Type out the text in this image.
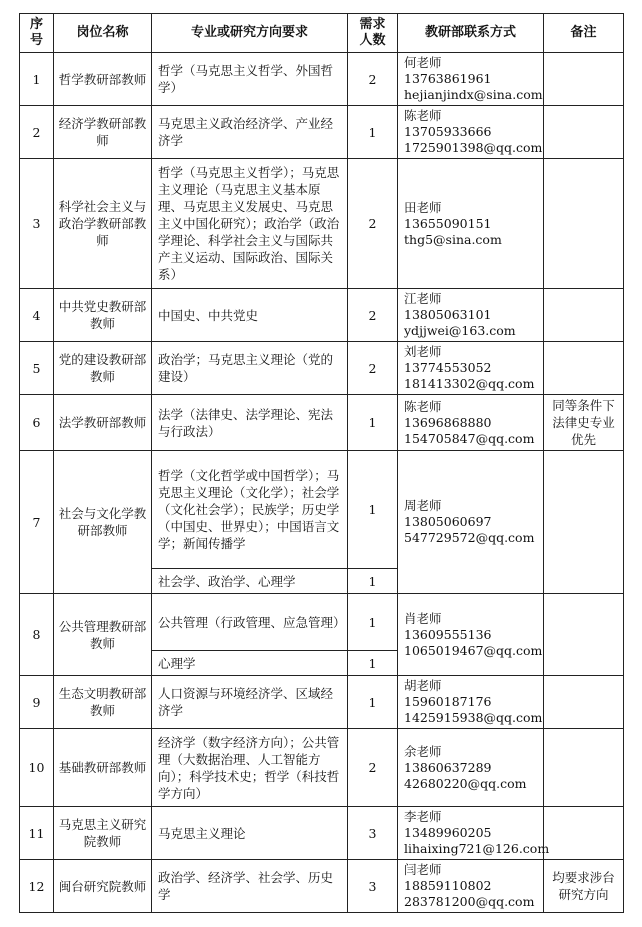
序号	岗位名称	专业或研究方向要求	需求人数	教研部联系方式	备注
1	哲学教研部教师	哲学（马克思主义哲学、外国哲学）	2	何老师
13763861961
hejianjindx@sina.com	

2	经济学教研部教师	马克思主义政治经济学、产业经济学	1	陈老师
13705933666
1725901398@qq.com	

3	科学社会主义与政治学教研部教师	哲学（马克思主义哲学）；马克思主义理论（马克思主义基本原理、马克思主义发展史、马克思主义中国化研究）；政治学（政治学理论、科学社会主义与国际共产主义运动、国际政治、国际关系）	2	田老师
13655090151
thg5@sina.com	

4	中共党史教研部教师	中国史、中共党史	2	江老师
13805063101
ydjjwei@163.com	

5	党的建设教研部教师	政治学；马克思主义理论（党的建设）	2	刘老师
13774553052
181413302@qq.com	

6	法学教研部教师	法学（法律史、法学理论、宪法与行政法）	1	陈老师
13696868880
154705847@qq.com	同等条件下法律史专业优先
7	社会与文化学教研部教师	哲学（文化哲学或中国哲学）；马克思主义理论（文化学）；社会学（文化社会学）；民族学；历史学（中国史、世界史）；中国语言文学；新闻传播学	1	周老师
13805060697
547729572@qq.com	

		社会学、政治学、心理学	1		
8	公共管理教研部教师	公共管理（行政管理、应急管理）	1	肖老师
13609555136
1065019467@qq.com	

		心理学	1		
9	生态文明教研部教师	人口资源与环境经济学、区域经济学	1	胡老师
15960187176
1425915938@qq.com	

10	基础教研部教师	经济学（数字经济方向）；公共管理（大数据治理、人工智能方向）；科学技术史；哲学（科技哲学方向）	2	余老师
13860637289
42680220@qq.com	

11	马克思主义研究院教师	马克思主义理论	3	李老师
13489960205
lihaixing721@126.com	

12	闽台研究院教师	政治学、经济学、社会学、历史学	3	闫老师
18859110802
283781200@qq.com	均要求涉台研究方向
